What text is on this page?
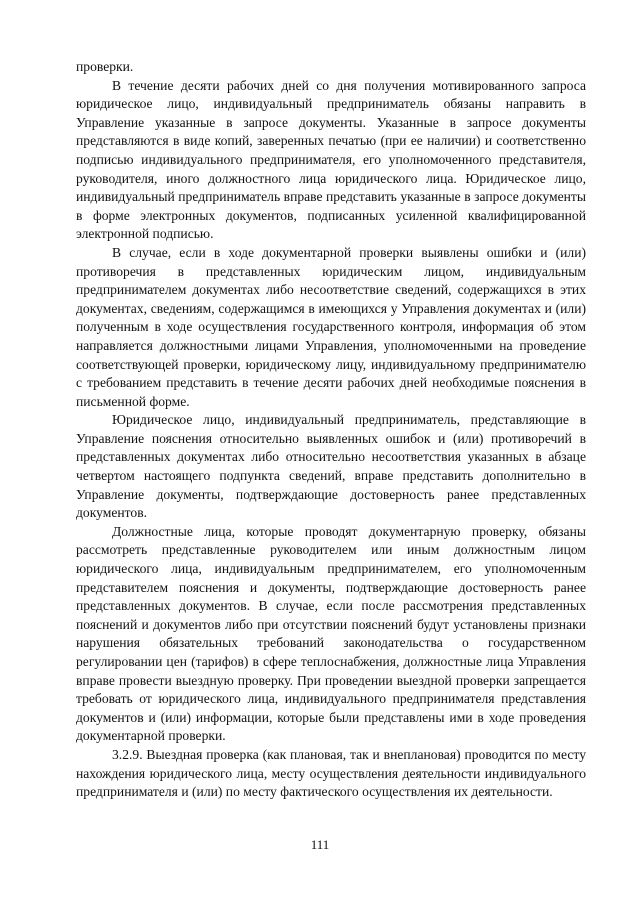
проверки.

В течение десяти рабочих дней со дня получения мотивированного запроса юридическое лицо, индивидуальный предприниматель обязаны направить в Управление указанные в запросе документы. Указанные в запросе документы представляются в виде копий, заверенных печатью (при ее наличии) и соответственно подписью индивидуального предпринимателя, его уполномоченного представителя, руководителя, иного должностного лица юридического лица. Юридическое лицо, индивидуальный предприниматель вправе представить указанные в запросе документы в форме электронных документов, подписанных усиленной квалифицированной электронной подписью.

В случае, если в ходе документарной проверки выявлены ошибки и (или) противоречия в представленных юридическим лицом, индивидуальным предпринимателем документах либо несоответствие сведений, содержащихся в этих документах, сведениям, содержащимся в имеющихся у Управления документах и (или) полученным в ходе осуществления государственного контроля, информация об этом направляется должностными лицами Управления, уполномоченными на проведение соответствующей проверки, юридическому лицу, индивидуальному предпринимателю с требованием представить в течение десяти рабочих дней необходимые пояснения в письменной форме.

Юридическое лицо, индивидуальный предприниматель, представляющие в Управление пояснения относительно выявленных ошибок и (или) противоречий в представленных документах либо относительно несоответствия указанных в абзаце четвертом настоящего подпункта сведений, вправе представить дополнительно в Управление документы, подтверждающие достоверность ранее представленных документов.

Должностные лица, которые проводят документарную проверку, обязаны рассмотреть представленные руководителем или иным должностным лицом юридического лица, индивидуальным предпринимателем, его уполномоченным представителем пояснения и документы, подтверждающие достоверность ранее представленных документов. В случае, если после рассмотрения представленных пояснений и документов либо при отсутствии пояснений будут установлены признаки нарушения обязательных требований законодательства о государственном регулировании цен (тарифов) в сфере теплоснабжения, должностные лица Управления вправе провести выездную проверку. При проведении выездной проверки запрещается требовать от юридического лица, индивидуального предпринимателя представления документов и (или) информации, которые были представлены ими в ходе проведения документарной проверки.

3.2.9. Выездная проверка (как плановая, так и внеплановая) проводится по месту нахождения юридического лица, месту осуществления деятельности индивидуального предпринимателя и (или) по месту фактического осуществления их деятельности.

111
